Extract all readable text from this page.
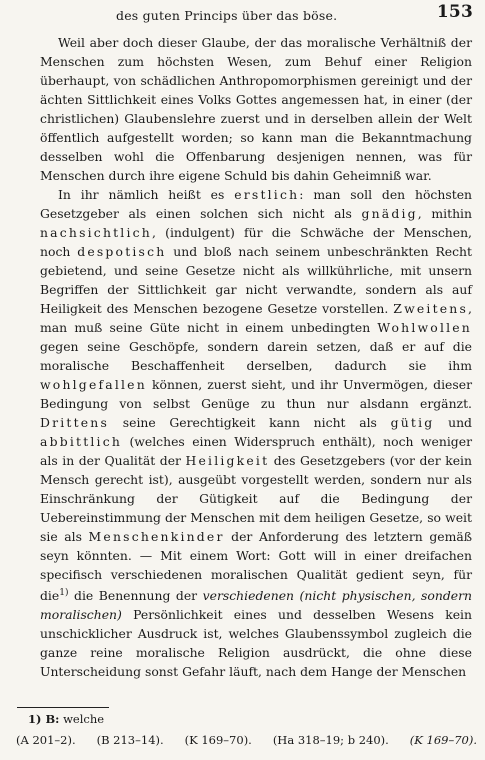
des guten Princips über das böse.	153

Weil aber doch dieser Glaube, der das moralische Verhältniß der Menschen zum höchsten Wesen, zum Behuf einer Religion überhaupt, von schädlichen Anthropomorphismen gereinigt und der ächten Sittlichkeit eines Volks Gottes angemessen hat, in einer (der christlichen) Glaubenslehre zuerst und in derselben allein der Welt öffentlich aufgestellt worden; so kann man die Bekanntmachung desselben wohl die Offenbarung desjenigen nennen, was für Menschen durch ihre eigene Schuld bis dahin Geheimniß war.

In ihr nämlich heißt es erstlich: man soll den höchsten Gesetzgeber als einen solchen sich nicht als gnädig, mithin nachsichtlich, (indulgent) für die Schwäche der Menschen, noch despotisch und bloß nach seinem unbeschränkten Recht gebietend, und seine Gesetze nicht als willkührliche, mit unsern Begriffen der Sittlichkeit gar nicht verwandte, sondern als auf Heiligkeit des Menschen bezogene Gesetze vorstellen. Zweitens, man muß seine Güte nicht in einem unbedingten Wohlwollen gegen seine Geschöpfe, sondern darein setzen, daß er auf die moralische Beschaffenheit derselben, dadurch sie ihm wohlgefallen können, zuerst sieht, und ihr Unvermögen, dieser Bedingung von selbst Genüge zu thun nur alsdann ergänzt. Drittens seine Gerechtigkeit kann nicht als gütig und abbittlich (welches einen Widerspruch enthält), noch weniger als in der Qualität der Heiligkeit des Gesetzgebers (vor der kein Mensch gerecht ist), ausgeübt vorgestellt werden, sondern nur als Einschränkung der Gütigkeit auf die Bedingung der Uebereinstimmung der Menschen mit dem heiligen Gesetze, so weit sie als Menschenkinder der Anforderung des letztern gemäß seyn könnten. — Mit einem Wort: Gott will in einer dreifachen specifisch verschiedenen moralischen Qualität gedient seyn, für die$^{1)}$ die Benennung der verschiedenen (nicht physischen, sondern moralischen) Persönlichkeit eines und desselben Wesens kein unschicklicher Ausdruck ist, welches Glaubenssymbol zugleich die ganze reine moralische Religion ausdrückt, die ohne diese Unterscheidung sonst Gefahr läuft, nach dem Hange der Menschen

1) B: welche
(A 201–2). (B 213–14). (K 169–70). (Ha 318–19; b 240). (K 169–70).
